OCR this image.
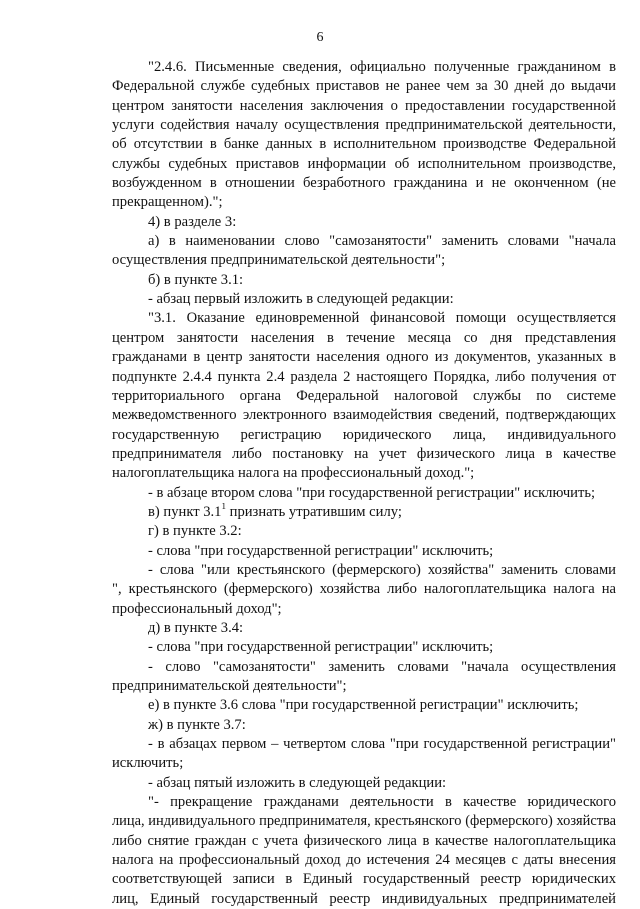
6
"2.4.6. Письменные сведения, официально полученные гражданином в
Федеральной службе судебных приставов не ранее чем за 30 дней до выдачи
центром занятости населения заключения о предоставлении государственной
услуги содействия началу осуществления предпринимательской деятельности,
об отсутствии в банке данных в исполнительном производстве Федеральной
службы судебных приставов информации об исполнительном производстве,
возбужденном в отношении безработного гражданина и не оконченном (не
прекращенном).";
4) в разделе 3:
а) в наименовании слово "самозанятости" заменить словами "начала
осуществления предпринимательской деятельности";
б) в пункте 3.1:
- абзац первый изложить в следующей редакции:
"3.1. Оказание единовременной финансовой помощи осуществляется
центром занятости населения в течение месяца со дня представления
гражданами в центр занятости населения одного из документов, указанных в
подпункте 2.4.4 пункта 2.4 раздела 2 настоящего Порядка, либо получения от
территориального органа Федеральной налоговой службы по системе
межведомственного электронного взаимодействия сведений, подтверждающих
государственную регистрацию юридического лица, индивидуального
предпринимателя либо постановку на учет физического лица в качестве
налогоплательщика налога на профессиональный доход.";
- в абзаце втором слова "при государственной регистрации" исключить;
в) пункт $3.1^1$ признать утратившим силу;
г) в пункте 3.2:
- слова "при государственной регистрации" исключить;
- слова "или крестьянского (фермерского) хозяйства" заменить словами
", крестьянского (фермерского) хозяйства либо налогоплательщика налога на
профессиональный доход";
д) в пункте 3.4:
- слова "при государственной регистрации" исключить;
- слово "самозанятости" заменить словами "начала осуществления
предпринимательской деятельности";
е) в пункте 3.6 слова "при государственной регистрации" исключить;
ж) в пункте 3.7:
- в абзацах первом – четвертом слова "при государственной регистрации"
исключить;
- абзац пятый изложить в следующей редакции:
"- прекращение гражданами деятельности в качестве юридического
лица, индивидуального предпринимателя, крестьянского (фермерского) хозяйства
либо снятие граждан с учета физического лица в качестве налогоплательщика
налога на профессиональный доход до истечения 24 месяцев с даты внесения
соответствующей записи в Единый государственный реестр юридических
лиц, Единый государственный реестр индивидуальных предпринимателей
